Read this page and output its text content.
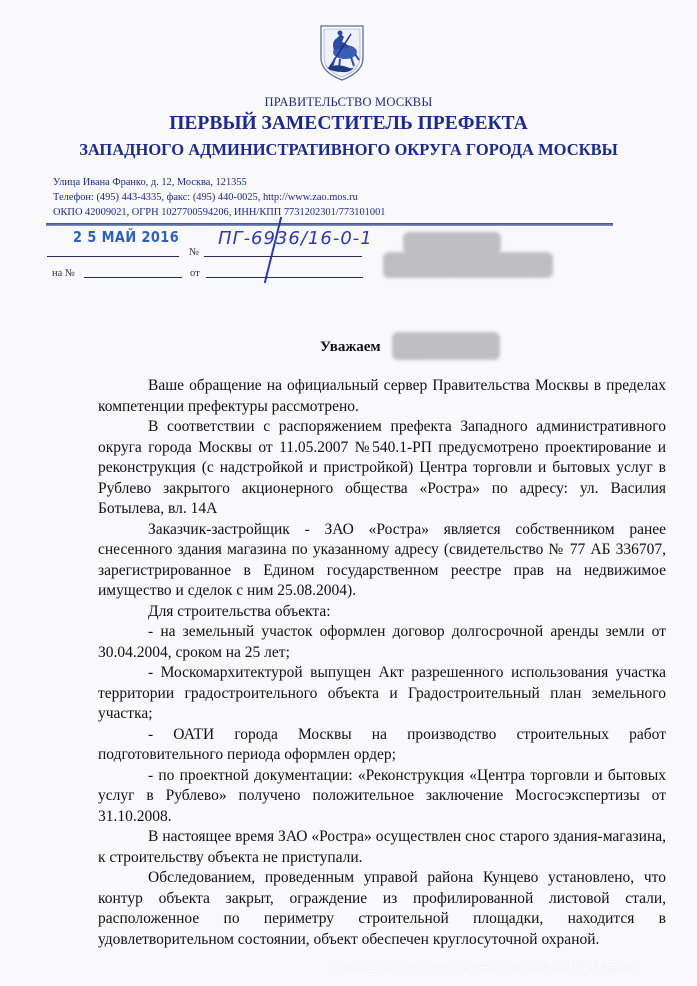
ПРАВИТЕЛЬСТВО МОСКВЫ
ПЕРВЫЙ ЗАМЕСТИТЕЛЬ ПРЕФЕКТА
ЗАПАДНОГО АДМИНИСТРАТИВНОГО ОКРУГА ГОРОДА МОСКВЫ
Улица Ивана Франко, д. 12, Москва, 121355
Телефон: (495) 443-4335, факс: (495) 440-0025, http://www.zao.mos.ru
ОКПО 42009021, ОГРН 1027700594206, ИНН/КПП 7731202301/773101001
2 5 МАЙ 2016
№
ПГ-6936/16-0-1
на №	от
Уважаем

Ваше обращение на официальный сервер Правительства Москвы в пределах компетенции префектуры рассмотрено.

В соответствии с распоряжением префекта Западного административного округа города Москвы от 11.05.2007 №540.1-РП предусмотрено проектирование и реконструкция (с надстройкой и пристройкой) Центра торговли и бытовых услуг в Рублево закрытого акционерного общества «Ростра» по адресу: ул. Василия Ботылева, вл. 14А

Заказчик-застройщик - ЗАО «Ростра» является собственником ранее снесенного здания магазина по указанному адресу (свидетельство № 77 АБ 336707, зарегистрированное в Едином государственном реестре прав на недвижимое имущество и сделок с ним 25.08.2004).

Для строительства объекта:

- на земельный участок оформлен договор долгосрочной аренды земли от 30.04.2004, сроком на 25 лет;

- Москомархитектурой выпущен Акт разрешенного использования участка территории градостроительного объекта и Градостроительный план земельного участка;

- ОАТИ города Москвы на производство строительных работ подготовительного периода оформлен ордер;

- по проектной документации: «Реконструкция «Центра торговли и бытовых услуг в Рублево» получено положительное заключение Мосгосэкспертизы от 31.10.2008.

В настоящее время ЗАО «Ростра» осуществлен снос старого здания-магазина, к строительству объекта не приступали.

Обследованием, проведенным управой района Кунцево установлено, что контур объекта закрыт, ограждение из профилированной листовой стали, расположенное по периметру строительной площадки, находится в удовлетворительном состоянии, объект обеспечен круглосуточной охраной.

Сообщество жителей посёлка Рублёво
